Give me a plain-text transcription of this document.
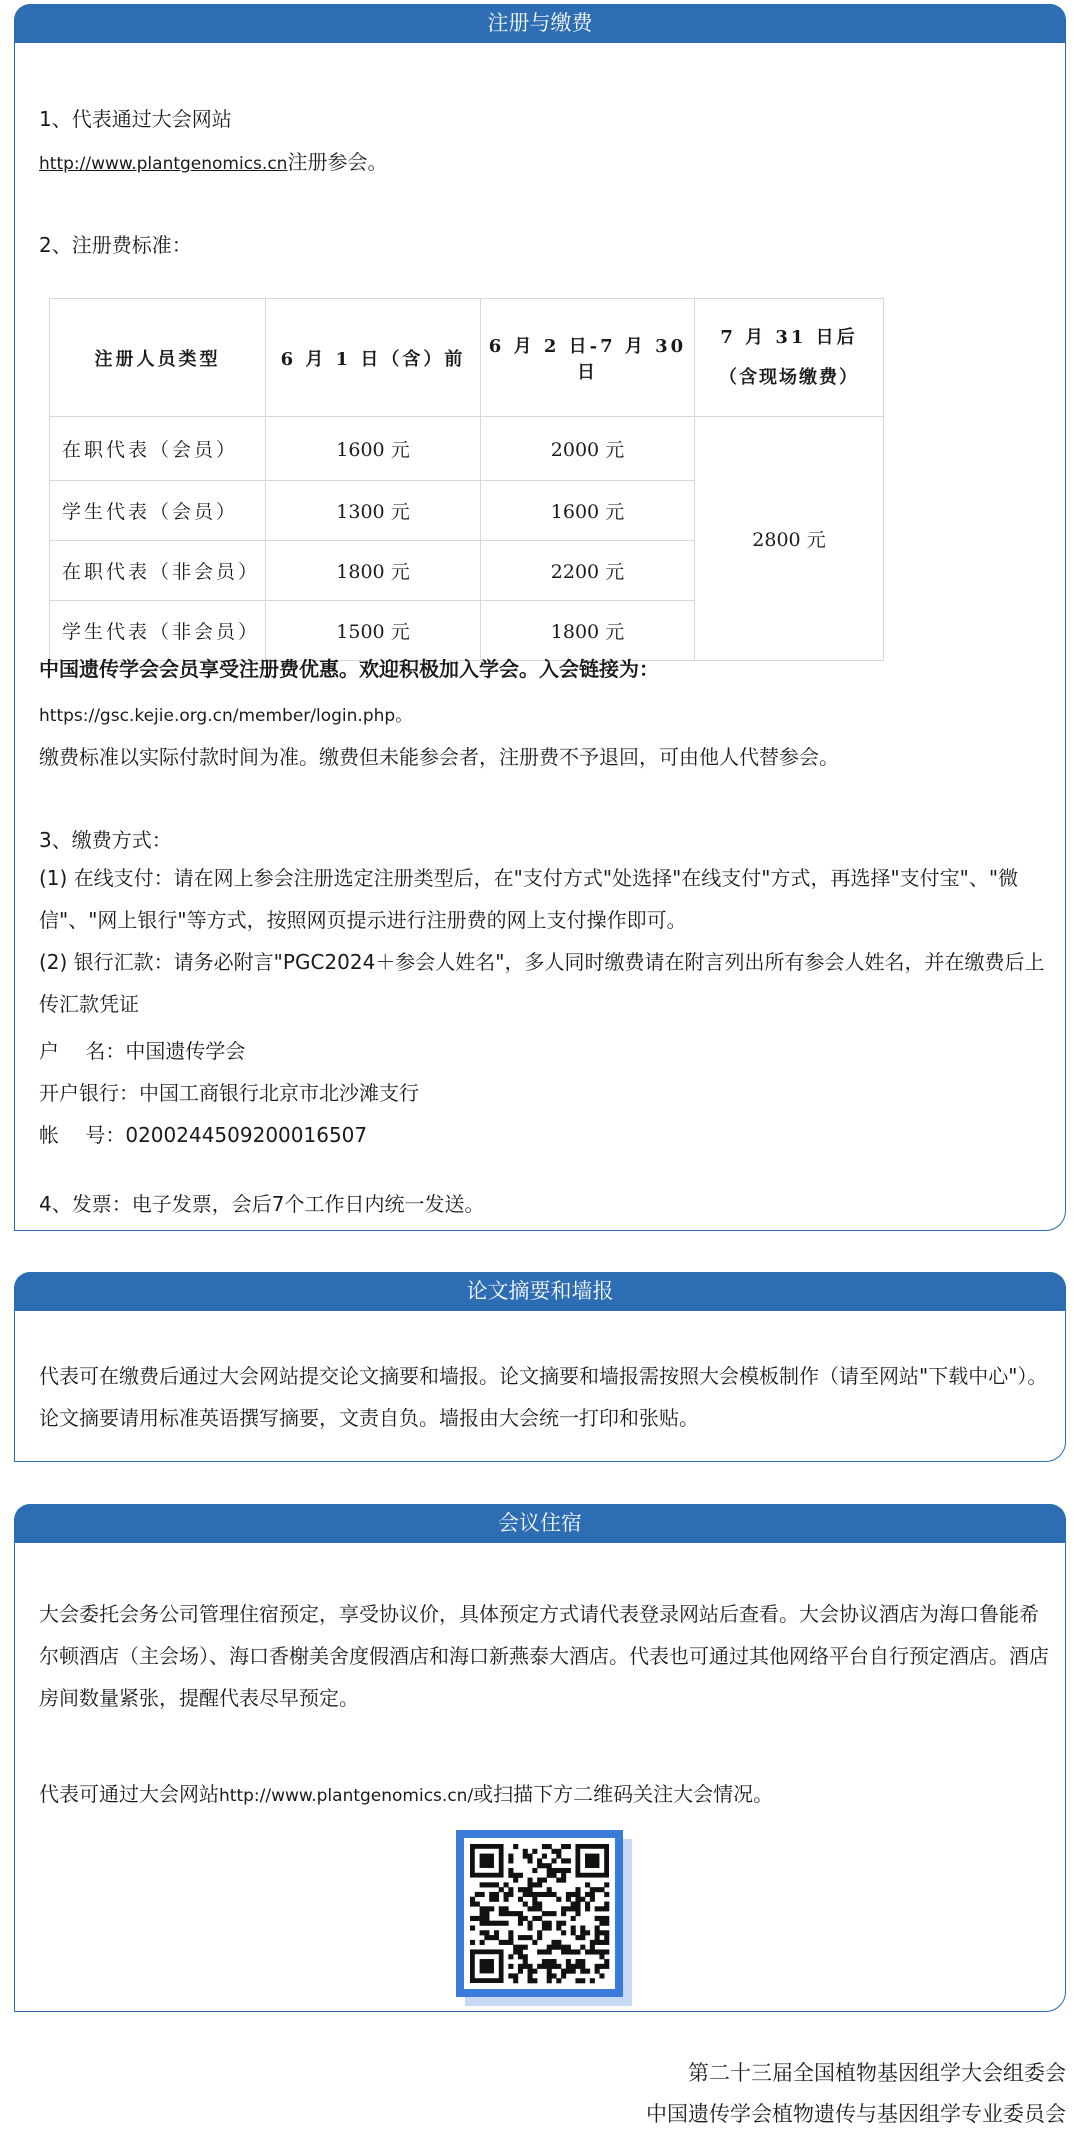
注册与缴费
1、代表通过大会网站
http://www.plantgenomics.cn注册参会。
2、注册费标准：
注册人员类型	6 月 1 日（含）前	6 月 2 日-7 月 30 日	7 月 31 日后
（含现场缴费）

在职代表（会员）	1600 元	2000 元	2800 元
学生代表（会员）	1300 元	1600 元	
在职代表（非会员）	1800 元	2200 元	
学生代表（非会员）	1500 元	1800 元	
中国遗传学会会员享受注册费优惠。欢迎积极加入学会。入会链接为：
https://gsc.kejie.org.cn/member/login.php。
缴费标准以实际付款时间为准。缴费但未能参会者，注册费不予退回，可由他人代替参会。
3、缴费方式：
(1) 在线支付：请在网上参会注册选定注册类型后，在"支付方式"处选择"在线支付"方式，再选择"支付宝"、"微信"、"网上银行"等方式，按照网页提示进行注册费的网上支付操作即可。
(2) 银行汇款：请务必附言"PGC2024＋参会人姓名"，多人同时缴费请在附言列出所有参会人姓名，并在缴费后上传汇款凭证
户　 名：中国遗传学会
开户银行：中国工商银行北京市北沙滩支行
帐　 号：0200244509200016507
4、发票：电子发票，会后7个工作日内统一发送。
论文摘要和墙报
代表可在缴费后通过大会网站提交论文摘要和墙报。论文摘要和墙报需按照大会模板制作（请至网站"下载中心"）。论文摘要请用标准英语撰写摘要，文责自负。墙报由大会统一打印和张贴。
会议住宿
大会委托会务公司管理住宿预定，享受协议价，具体预定方式请代表登录网站后查看。大会协议酒店为海口鲁能希尔顿酒店（主会场）、海口香榭美舍度假酒店和海口新燕泰大酒店。代表也可通过其他网络平台自行预定酒店。酒店房间数量紧张，提醒代表尽早预定。
代表可通过大会网站http://www.plantgenomics.cn/或扫描下方二维码关注大会情况。
第二十三届全国植物基因组学大会组委会
中国遗传学会植物遗传与基因组学专业委员会
